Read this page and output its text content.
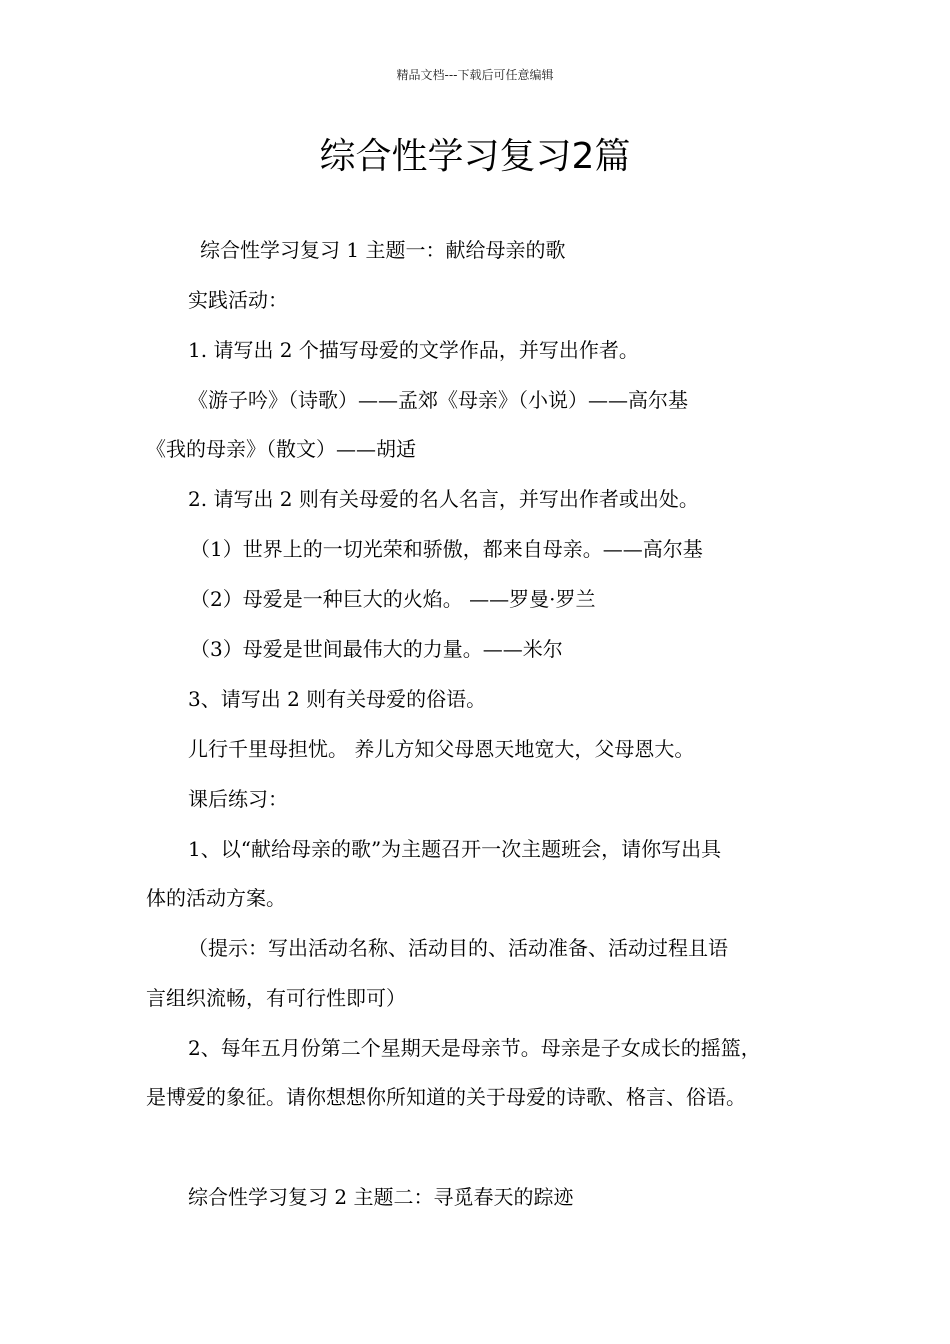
精品文档---下载后可任意编辑
综合性学习复习2篇
综合性学习复习 1 主题一：献给母亲的歌
实践活动：
1. 请写出 2 个描写母爱的文学作品，并写出作者。
《游子吟》（诗歌）——孟郊《母亲》（小说）——高尔基
《我的母亲》（散文）——胡适
2. 请写出 2 则有关母爱的名人名言，并写出作者或出处。
（1）世界上的一切光荣和骄傲，都来自母亲。——高尔基
（2）母爱是一种巨大的火焰。 ——罗曼·罗兰
（3）母爱是世间最伟大的力量。——米尔
3、请写出 2 则有关母爱的俗语。
儿行千里母担忧。 养儿方知父母恩天地宽大，父母恩大。
课后练习：
1、以“献给母亲的歌”为主题召开一次主题班会，请你写出具
体的活动方案。
（提示：写出活动名称、活动目的、活动准备、活动过程且语
言组织流畅，有可行性即可）
2、每年五月份第二个星期天是母亲节。母亲是子女成长的摇篮，
是博爱的象征。请你想想你所知道的关于母爱的诗歌、格言、俗语。
综合性学习复习 2 主题二：寻觅春天的踪迹
